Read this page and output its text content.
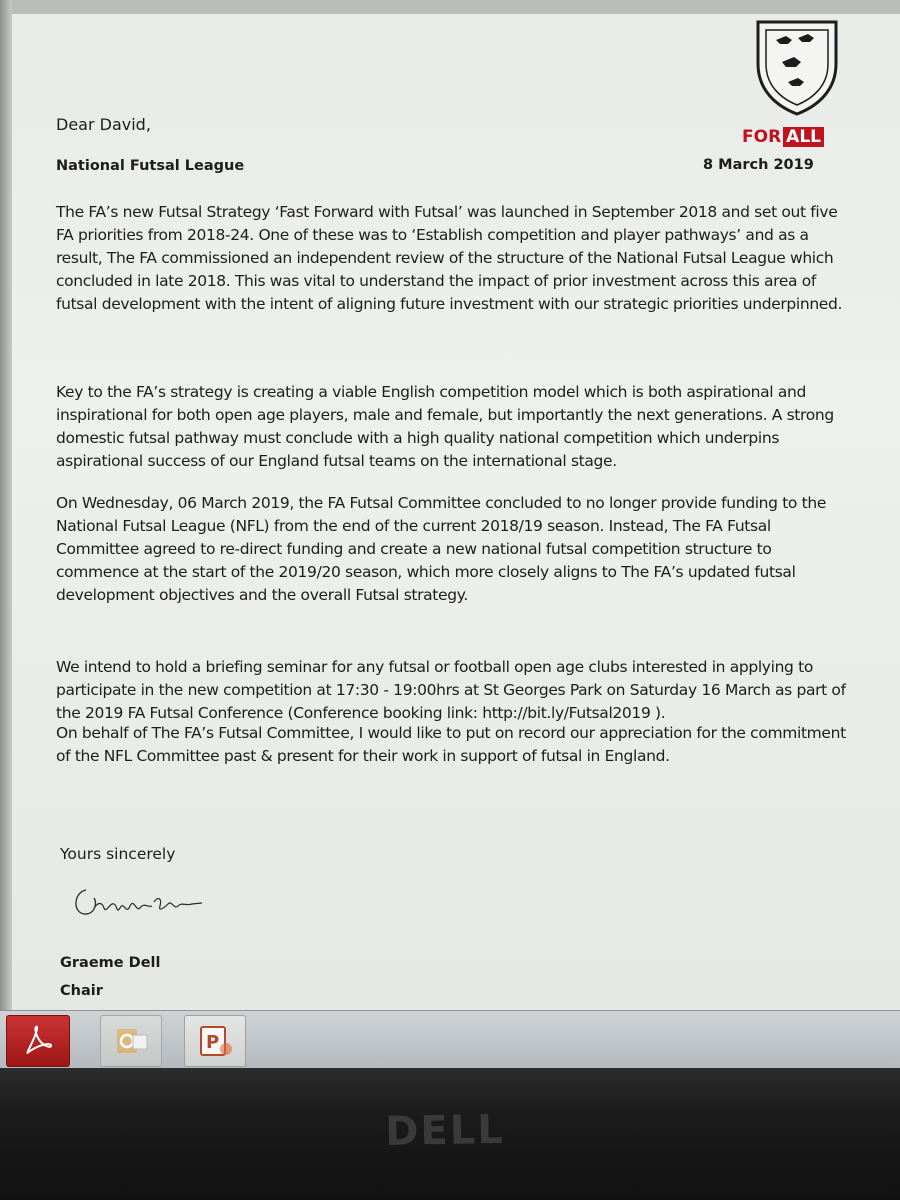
FOR ALL
Dear David,
National Futsal League	8 March 2019

The FA’s new Futsal Strategy ‘Fast Forward with Futsal’ was launched in September 2018 and set out five FA priorities from 2018-24. One of these was to ‘Establish competition and player pathways’ and as a result, The FA commissioned an independent review of the structure of the National Futsal League which concluded in late 2018. This was vital to understand the impact of prior investment across this area of futsal development with the intent of aligning future investment with our strategic priorities underpinned.

Key to the FA’s strategy is creating a viable English competition model which is both aspirational and inspirational for both open age players, male and female, but importantly the next generations. A strong domestic futsal pathway must conclude with a high quality national competition which underpins aspirational success of our England futsal teams on the international stage.

On Wednesday, 06 March 2019, the FA Futsal Committee concluded to no longer provide funding to the National Futsal League (NFL) from the end of the current 2018/19 season. Instead, The FA Futsal Committee agreed to re-direct funding and create a new national futsal competition structure to commence at the start of the 2019/20 season, which more closely aligns to The FA’s updated futsal development objectives and the overall Futsal strategy.

We intend to hold a briefing seminar for any futsal or football open age clubs interested in applying to participate in the new competition at 17:30 - 19:00hrs at St Georges Park on Saturday 16 March as part of the 2019 FA Futsal Conference (Conference booking link: http://bit.ly/Futsal2019 ).

On behalf of The FA’s Futsal Committee, I would like to put on record our appreciation for the commitment of the NFL Committee past & present for their work in support of futsal in England.

Yours sincerely
Graeme Dell
Chair
P
DELL
